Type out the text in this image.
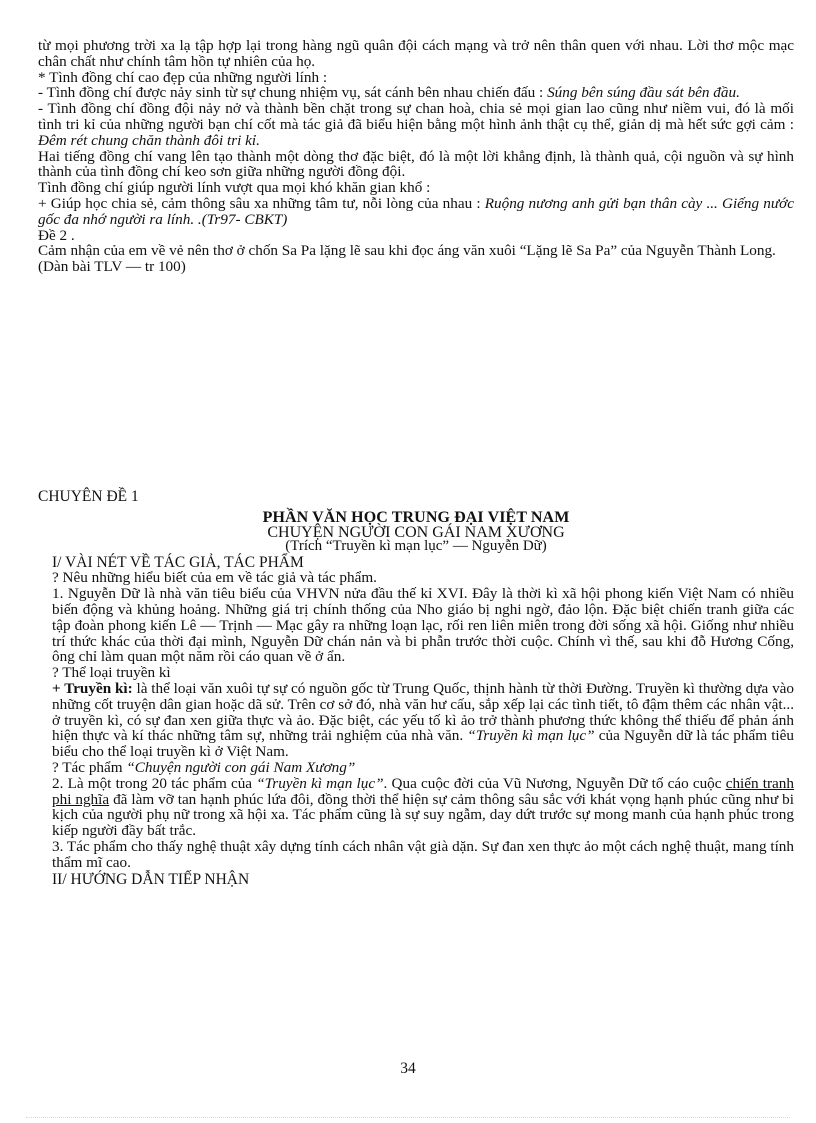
từ mọi phương trời xa lạ tập hợp lại trong hàng ngũ quân đội cách mạng và trở nên thân quen với nhau. Lời thơ mộc mạc chân chất như chính tâm hồn tự nhiên của họ.

* Tình đồng chí cao đẹp của những người lính :

- Tình đồng chí được nảy sinh từ sự chung nhiệm vụ, sát cánh bên nhau chiến đấu : Súng bên súng đầu sát bên đầu.

- Tình đồng chí đồng đội nảy nở và thành bền chặt trong sự chan hoà, chia sẻ mọi gian lao cũng như niềm vui, đó là mối tình tri kỉ của những người bạn chí cốt mà tác giả đã biểu hiện bằng một hình ảnh thật cụ thể, giản dị mà hết sức gợi cảm : Đêm rét chung chăn thành đôi tri kỉ.

Hai tiếng đồng chí vang lên tạo thành một dòng thơ đặc biệt, đó là một lời khẳng định, là thành quả, cội nguồn và sự hình thành của tình đồng chí keo sơn giữa những người đồng đội.

Tình đồng chí giúp người lính vượt qua mọi khó khăn gian khổ :

+ Giúp học chia sẻ, cảm thông sâu xa những tâm tư, nỗi lòng của nhau : Ruộng nương anh gửi bạn thân cày ... Giếng nước gốc đa nhớ người ra lính. .(Tr97- CBKT)

Đề 2 .

Cảm nhận của em về vẻ nên thơ ở chốn Sa Pa lặng lẽ sau khi đọc áng văn xuôi “Lặng lẽ Sa Pa” của Nguyễn Thành Long.

(Dàn bài TLV — tr 100)

CHUYÊN ĐỀ 1

PHẦN VĂN HỌC TRUNG ĐẠI VIỆT NAM

CHUYỆN NGƯỜI CON GÁI NAM XƯƠNG

(Trích “Truyền kì mạn lục” — Nguyễn Dữ)

I/ VÀI NÉT VỀ TÁC GIẢ, TÁC PHẨM

? Nêu những hiểu biết của em về tác giả và tác phẩm.

1. Nguyễn Dữ là nhà văn tiêu biểu của VHVN nửa đầu thế kỉ XVI. Đây là thời kì xã hội phong kiến Việt Nam có nhiều biến động và khủng hoảng. Những giá trị chính thống của Nho giáo bị nghi ngờ, đảo lộn. Đặc biệt chiến tranh giữa các tập đoàn phong kiến Lê — Trịnh — Mạc gây ra những loạn lạc, rối ren liên miên trong đời sống xã hội. Giống như nhiều trí thức khác của thời đại mình, Nguyễn Dữ chán nản và bi phẫn trước thời cuộc. Chính vì thế, sau khi đỗ Hương Cống, ông chỉ làm quan một năm rồi cáo quan về ở ẩn.

? Thể loại truyền kì

+ Truyền kì: là thể loại văn xuôi tự sự có nguồn gốc từ Trung Quốc, thịnh hành từ thời Đường. Truyền kì thường dựa vào những cốt truyện dân gian hoặc dã sử. Trên cơ sở đó, nhà văn hư cấu, sắp xếp lại các tình tiết, tô đậm thêm các nhân vật... ở truyền kì, có sự đan xen giữa thực và ảo. Đặc biệt, các yếu tố kì ảo trở thành phương thức không thể thiếu để phản ánh hiện thực và kí thác những tâm sự, những trải nghiệm của nhà văn. “Truyền kì mạn lục” của Nguyễn dữ là tác phẩm tiêu biểu cho thể loại truyền kì ở Việt Nam.

? Tác phẩm “Chuyện người con gái Nam Xương”

2. Là một trong 20 tác phẩm của “Truyền kì mạn lục”. Qua cuộc đời của Vũ Nương, Nguyễn Dữ tố cáo cuộc chiến tranh phi nghĩa đã làm vỡ tan hạnh phúc lứa đôi, đồng thời thể hiện sự cảm thông sâu sắc với khát vọng hạnh phúc cũng như bi kịch của người phụ nữ trong xã hội xa. Tác phẩm cũng là sự suy ngẫm, day dứt trước sự mong manh của hạnh phúc trong kiếp người đầy bất trắc.

3. Tác phẩm cho thấy nghệ thuật xây dựng tính cách nhân vật già dặn. Sự đan xen thực ảo một cách nghệ thuật, mang tính thẩm mĩ cao.

II/ HƯỚNG DẪN TIẾP NHẬN

34
